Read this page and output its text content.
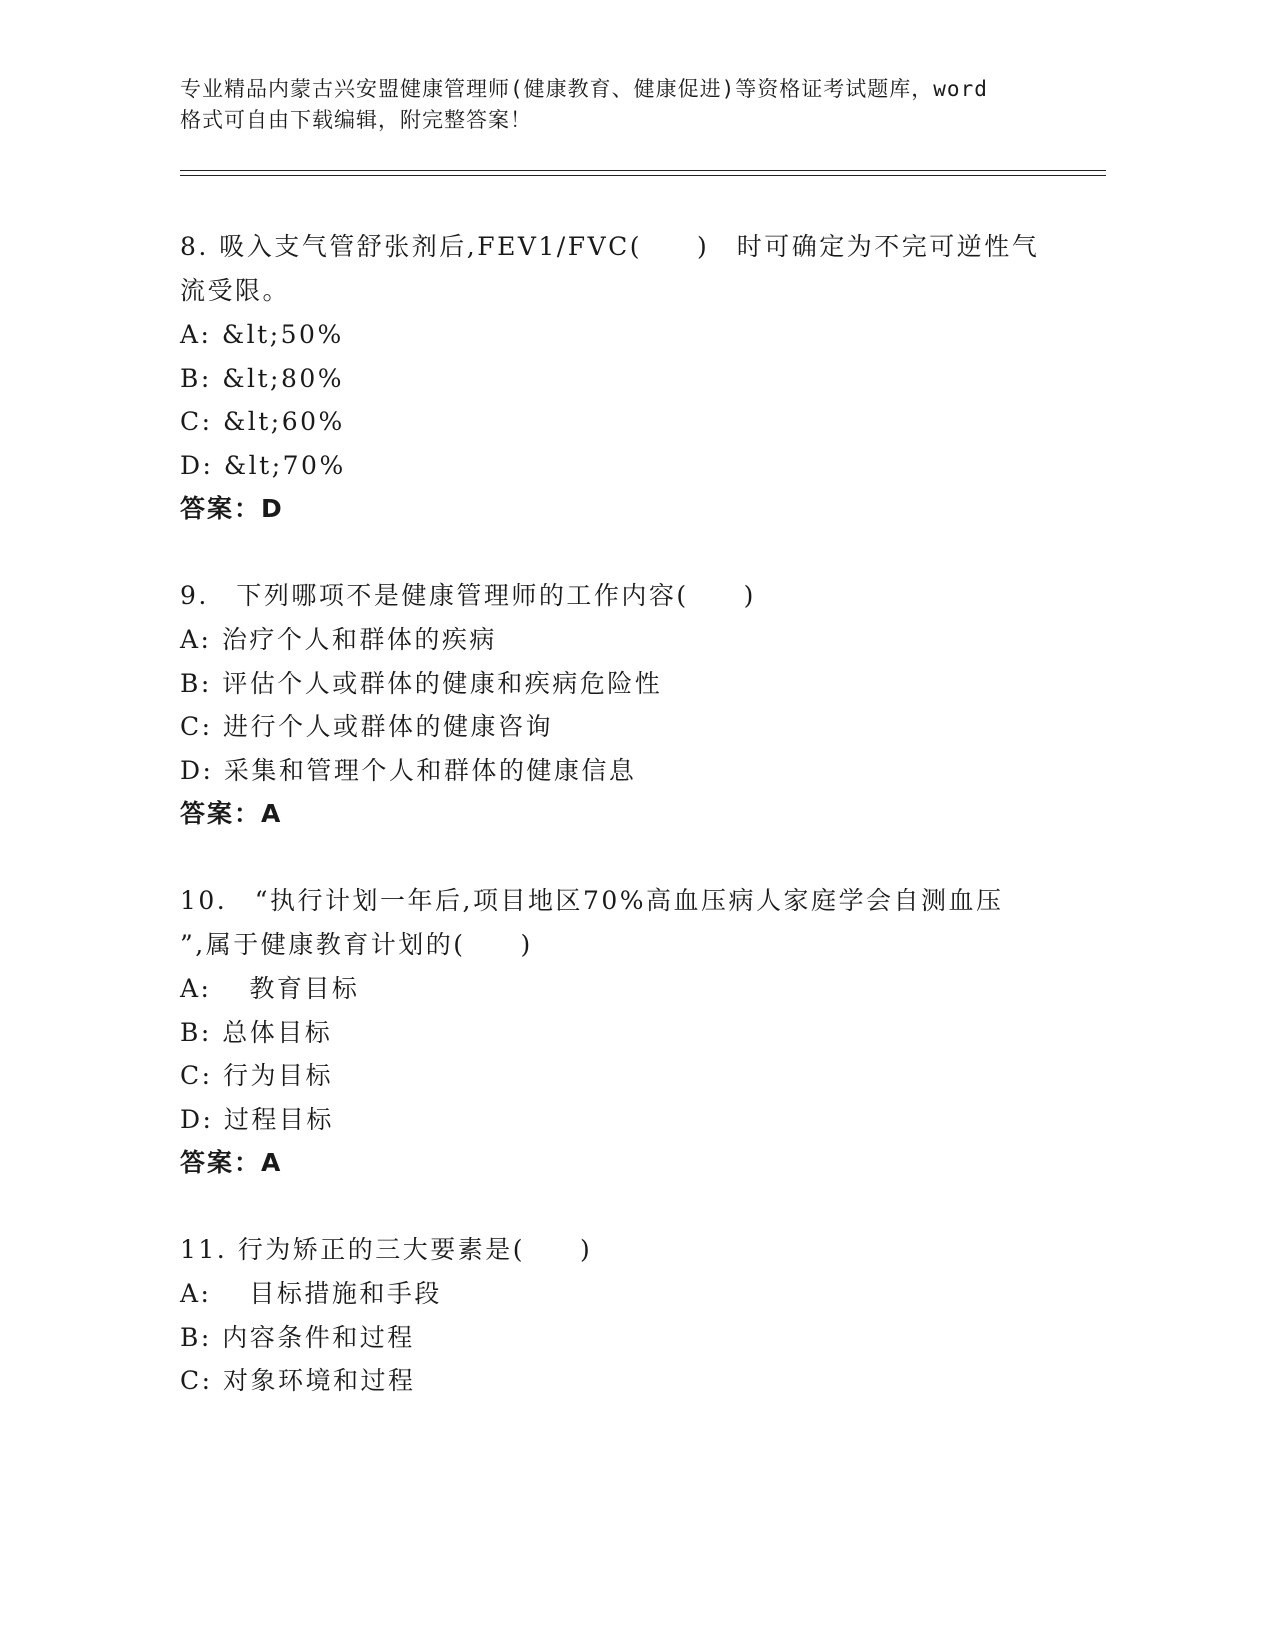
专业精品内蒙古兴安盟健康管理师(健康教育、健康促进)等资格证考试题库，word
格式可自由下载编辑，附完整答案！
8. 吸入支气管舒张剂后,FEV1/FVC(　　)　时可确定为不完可逆性气
流受限。
A: &lt;50%
B: &lt;80%
C: &lt;60%
D: &lt;70%
答案：D
9.　下列哪项不是健康管理师的工作内容(　　)
A: 治疗个人和群体的疾病
B: 评估个人或群体的健康和疾病危险性
C: 进行个人或群体的健康咨询
D: 采集和管理个人和群体的健康信息
答案：A
10.　“执行计划一年后,项目地区70%高血压病人家庭学会自测血压
”,属于健康教育计划的(　　)
A: 　教育目标
B: 总体目标
C: 行为目标
D: 过程目标
答案：A
11. 行为矫正的三大要素是(　　)
A: 　目标措施和手段
B: 内容条件和过程
C: 对象环境和过程
